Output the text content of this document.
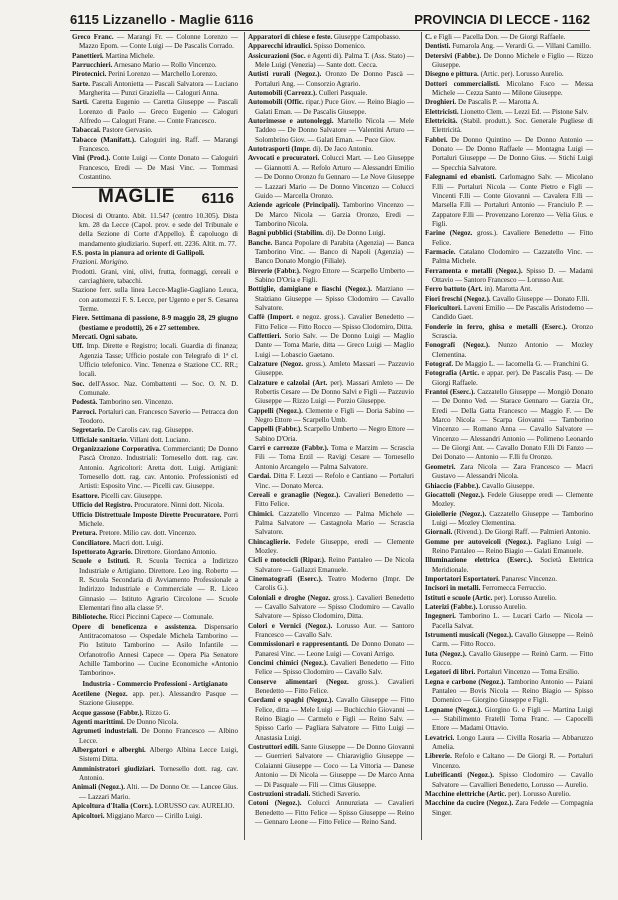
6115 Lizzanello - Maglie 6116	PROVINCIA DI LECCE - 1162

Greco Franc. — Marangi Fr. — Colonne Lorenzo — Mazzo Epom. — Conte Luigi — De Pascalis Corrado.

Panettieri. Martina Michele.

Parrucchieri. Arnesano Mario — Rollo Vincenzo.

Pirotecnici. Perini Lorenzo — Marchello Lorenzo.

Sarte. Pascali Antonietta — Pascali Salvatora — Luciano Margherita — Punzi Graziella — Caloguri Anna.

Sarti. Caretta Eugenio — Caretta Giuseppe — Pascali Lorenzo di Paolo — Greco Eugenio — Caloguri Alfredo — Caloguri Frane. — Conte Francesco.

Tabaccai. Pastore Gervasio.

Tabacco (Manifatt.). Caloguiri ing. Raff. — Marangi Francesco.

Vini (Prod.). Conte Luigi — Conte Donato — Caloguiri Francesco, Eredi — De Masi Vinc. — Tommasi Costantino.

MAGLIE 6116

Diocesi di Otranto. Abit. 11.547 (centro 10.305). Dista km. 28 da Lecce (Capol. prov. e sede del Tribunale e della Sezione di Corte d'Appello). È capoluogo di mandamento giudiziario. Superf. ett. 2236. Altit. m. 77.

F.S. posta in pianura ad oriente di Gallipoli.

Frazioni. Morigino.

Prodotti. Grani, vini, olivi, frutta, formaggi, cereali e carciaghiere, tabacchi.

Stazione ferr. sulla linea Lecce-Maglie-Gagliano Leuca, con automezzi F. S. Lecce, per Ugento e per S. Cesarea Terme.

Fiere. Settimana di passione, 8-9 maggio 28, 29 giugno (bestiame e prodotti), 26 e 27 settembre.

Mercati. Ogni sabato.

Uff. Imp. Dirette e Registro; locali. Guardia di finanza; Agenzia Tasse; Ufficio postale con Telegrafo di 1ª cl. Ufficio telefonico. Vinc. Tenenza e Stazione CC. RR.; locali.

Soc. dell'Assoc. Naz. Combattenti — Soc. O. N. D. Comunale.

Podestà. Tamborino sen. Vincenzo.

Parroci. Portaluri can. Francesco Saverio — Petracca don Teodoro.

Segretario. De Carolis cav. rag. Giuseppe.

Ufficiale sanitario. Villani dott. Luciano.

Organizzazione Corporativa. Commercianti; De Donno Pascà Oronzo. Industriali: Tornesello dott. rag. cav. Antonio. Agricoltori: Aretta dott. Luigi. Artigiani: Tornesello dott. rag. cav. Antonio. Professionisti ed Artisti: Esposito Vinc. — Picelli cav. Giuseppe.

Esattore. Picelli cav. Giuseppe.

Ufficio del Registro. Procuratore. Ninni dott. Nicola.

Ufficio Distrettuale Imposte Dirette Procuratore. Porri Michele.

Pretura. Pretore. Milio cav. dott. Vincenzo.

Conciliatore. Macri dott. Luigi.

Ispettorato Agrario. Direttore. Giordano Antonio.

Scuole e Istituti. R. Scuola Tecnica a Indirizzo Industriale e Artigiano. Direttore. Leo ing. Roberto — R. Scuola Secondaria di Avviamento Professionale a Indirizzo Industriale e Commerciale — R. Liceo Ginnasio — Istituto Agrario Circolone — Scuole Elementari fino alla classe 5ª.

Biblioteche. Ricci Piccinni Capece — Comunale.

Opere di beneficenza e assistenza. Dispensario Antitracomatoso — Ospedale Michela Tamborino — Pio Istituto Tamborino — Asilo Infantile — Orfanotrofio Annesi Capece — Opera Pia Senatore Achille Tamborino — Cucine Economiche «Antonio Tamborino».

Industria - Commercio Professioni - Artigianato

Acetilene (Negoz. app. per.). Alessandro Pasque — Stazione Giuseppe.

Acque gassose (Fabbr.). Rizzo G.

Agenti marittimi. De Donno Nicola.

Agrumeti industriali. De Donno Francesco — Albino Lecce.

Albergatori e alberghi. Albergo Albina Lecce Luigi, Sistemi Ditta.

Amministratori giudiziari. Tornesello dott. rag. cav. Antonio.

Animali (Negoz.). Alti. — De Donno Or. — Lancee Gius. — Lazzari Mario.

Apicoltura d'Italia (Corr.). LORUSSO cav. AURELIO.

Apicoltori. Miggiano Marco — Cirillo Luigi.

Apparatori di chiese e feste. Giuseppe Campobasso.

Apparecchi idraulici. Spisso Domenico.

Assicurazioni (Soc. e Agenti di). Palma T. (Ass. Stato) — Mele Luigi (Venezia) — Sante dott. Cecca.

Autisti rurali (Negoz.). Oronzo De Donno Pascà — Portaluri Ang. — Consorzio Agrario.

Automobili (Carrozz.). Culleri Pasquale.

Automobili (Offic. ripar.) Puce Giov. — Reino Biagio — Galati Eman. — De Pascalis Giuseppe.

Autorimesse e autonoleggi. Martello Nicola — Mele Taddeo — De Donno Salvatore — Valentini Arturo — Solombrino Giov. — Galati Eman. — Puce Giov.

Autotrasporti (Impr. di). De Jaco Antonio.

Avvocati e procuratori. Colucci Mart. — Leo Giuseppe — Giannotti A. — Refolo Arturo — Alessandri Emilio — De Donno Oronzo fu Gennaro — Le Nove Giuseppe — Lazzari Mario — De Donno Vincenzo — Colucci Guido — Marcella Oronzo.

Aziende agricole (Principali). Tamborino Vincenzo — De Marco Nicola — Garzia Oronzo, Eredi — Tamborino Nicola.

Bagni pubblici (Stabilim. di). De Donno Luigi.

Banche. Banca Popolare di Parabita (Agenzia) — Banca Tamborino Vinc. — Banco di Napoli (Agenzia) — Banco Donato Mongio (Filiale).

Birrerie (Fabbr.). Negro Ettore — Scarpello Umberto — Sabino D'Oria e Figli.

Bottiglie, damigiane e fiaschi (Negoz.). Marziano — Staiziano Giuseppe — Spisso Clodomiro — Cavallo Salvatore.

Caffè (Import. e negoz. gross.). Cavalier Benedetto — Fitto Felice — Fitto Rocco — Spisso Clodomiro, Ditta.

Caffettieri. Sorio Salv. — De Donno Luigi — Maglio Dante — Toma Marie, ditta — Greco Luigi — Maglio Luigi — Lobascio Gaetano.

Calzature (Negoz. gross.). Amleto Massari — Pazzuvio Giuseppe.

Calzature e calzolai (Art. per). Massari Amleto — De Robertis Cesare — De Donno Salvi e Figli — Pazzuvio Giuseppe — Rizzo Luigi — Porzio Giuseppe.

Cappelli (Negoz.). Clemente e Figli — Doria Sabino — Negro Ettore — Scarpello Umb.

Cappelli (Fabbr.). Scarpello Umberto — Negro Ettore — Sabino D'Oria.

Carri e carrozze (Fabbr.). Toma e Marzim — Scrascia Fili — Toma Erzil — Ravigi Cesare — Tornesello Antonio Arcangelo — Palma Salvatore.

Cardai. Ditta F. Lezzi — Refolo e Cantiano — Portaluri Vinc. — Donato Merca.

Cereali e granaglie (Negoz.). Cavalieri Benedetto — Fitto Felice.

Chimici. Cazzatello Vincenzo — Palma Michele — Palma Salvatore — Castagnola Mario — Scrascia Salvatore.

Chincaglierie. Fedele Giuseppe, eredi — Clemente Mozley.

Cicli e motocicli (Ripar.). Reino Pantaleo — De Nicola Salvatore — Gallazzi Emanuele.

Cinematografi (Eserc.). Teatro Moderno (Impr. De Carolis G.).

Coloniali e droghe (Negoz. gross.). Cavalieri Benedetto — Cavallo Salvatore — Spisso Clodomiro — Cavallo Salvatore — Spisso Clodomiro, Ditta.

Colori e Vernici (Negoz.). Lorusso Aur. — Santoro Francesco — Cavallo Salv.

Commissionari e rappresentanti. De Donno Donato — Panaresi Vinc. — Leone Luigi — Covani Arrigo.

Concimi chimici (Negoz.). Cavalieri Benedetto — Fitto Felice — Spisso Clodomiro — Cavallo Salv.

Conserve alimentari (Negoz. gross.). Cavalieri Benedetto — Fitto Felice.

Cordami e spaghi (Negoz.). Cavallo Giuseppe — Fitto Felice, ditta — Mele Luigi — Buchicchio Giovanni — Reino Biagio — Carmelo e Figli — Reino Salv. — Spisso Carlo — Pagliara Salvatore — Fitto Luigi — Anastasia Luigi.

Costruttori edili. Sante Giuseppe — De Donno Giovanni — Guerrieri Salvatore — Chiaraviglio Giuseppe — Colaianni Giuseppe — Coco — La Vittoria — Danese Antonio — Di Nicola — Giuseppe — De Marco Anna — Di Pasquale — Fili — Cittus Giuseppe.

Costruzioni stradali. Stichedi Saverio.

Cotoni (Negoz.). Colucci Annunziata — Cavalieri Benedetto — Fitto Felice — Spisso Giuseppe — Reino — Gennaro Leone — Fitto Felice — Reino Sand.

C. e Figli — Pacella Don. — De Giorgi Raffaele.

Dentisti. Fumarola Ang. — Verardi G. — Villani Camillo.

Detersivi (Fabbr.). De Donno Michele e Figlio — Rizzo Giuseppe.

Disegno e pittura. (Artic. per). Lorusso Aurelio.

Dottori commercialisti. Micolano F.sco — Messa Michele — Cezza Santo — Milone Giuseppe.

Droghieri. De Pascalis P. — Marotta A.

Elettricisti. Lionetto Clem. — Lezzi Ed. — Pistone Salv.

Elettricità. (Stabil. produtt.). Soc. Generale Pugliese di Elettricità.

Fabbri. De Donno Quintino — De Donno Antonio — Donato — De Donno Raffaele — Montagna Luigi — Portaluri Giuseppe — De Donno Gius. — Stichi Luigi — Specchia Salvatore.

Falegnami ed ebanisti. Carlomagno Salv. — Micolano F.lli — Portaluri Nicola — Conte Pietro e Figli — Vincenti F.lli — Conte Giovanni — Cavalera F.lli — Marsella F.lli — Portaluri Antonio — Franciulo P. — Zappatore F.lli — Provenzano Lorenzo — Velia Gius. e Figli.

Farine (Negoz. gross.). Cavaliere Benedetto — Fitto Felice.

Farmacie. Catalano Clodomiro — Cazzatello Vinc. — Palma Michele.

Ferramenta e metalli (Negoz.). Spisso D. — Madami Ottavio — Santoro Francesco — Lorusso Aur.

Ferro battuto (Art. in). Marotta Ant.

Fiori freschi (Negoz.). Cavallo Giuseppe — Donato F.lli.

Floricultori. Laveni Emilio — De Pascalis Aristodemo — Candido Gaet.

Fonderie in ferro, ghisa e metalli (Eserc.). Oronzo Scrascia.

Fonografi (Negoz.). Nunzo Antonio — Mozley Clementina.

Fotograf. De Maggio L. — Iacomella G. — Franchini G.

Fotografia (Artic. e appar. per). De Pascalis Pasq. — De Giorgi Raffaele.

Frantoi (Eserc.). Cazzatello Giuseppe — Mongiò Donato — De Donno Ved. — Starace Gennaro — Garzia Or., Eredi — Della Gatta Francesco — Maggio F. — De Marco Nicola — Scarpa Giovanni — Tamborino Vincenzo — Romano Anna — Cavallo Salvatore — Vincenzo — Alessandri Antonio — Polimeno Leonardo — De Giorgi Ant. — Cavallo Donato F.lli Di Fanzo — Dei Donato — Antonio — F.lli fu Oronzo.

Geometri. Zara Nicola — Zara Francesco — Macri Gustavo — Alessandri Nicola.

Ghiaccio (Fabbr.). Cavallo Giuseppe.

Giocattoli (Negoz.). Fedele Giuseppe eredi — Clemente Mozley.

Gioiellerie (Negoz.). Cazzatello Giuseppe — Tamborino Luigi — Mozley Clementina.

Giornali. (Rivend.). De Giorgi Raff. — Palmieri Antonio.

Gomme per autoveicoli (Negoz.). Pagliano Luigi — Reino Pantaleo — Reino Biagio — Galati Emanuele.

Illuminazione elettrica (Eserc.). Società Elettrica Meridionale.

Importatori Esportatori. Panaresc Vincenzo.

Incisori in metalli. Ferromecca Ferruccio.

Istituti e scuole (Artic. per). Lorusso Aurelio.

Laterizi (Fabbr.). Lorusso Aurelio.

Ingegneri. Tamborino L. — Lucari Carlo — Nicola — Pacella Salvat.

Istrumenti musicali (Negoz.). Cavallo Giuseppe — Reinò Carm. — Fitto Rocco.

Iuta (Negoz.). Cavallo Giuseppe — Reinò Carm. — Fitto Rocco.

Legatori di libri. Portaluri Vincenzo — Toma Ersilio.

Legna e carbone (Negoz.). Tamborino Antonio — Paiani Pantaleo — Bovis Nicola — Reino Biagio — Spisso Domenico — Giorgino Giuseppe e Figli.

Legname (Negoz.). Giorgino G. e Figli — Martina Luigi — Stabilimento Fratelli Toma Franc. — Capocelli Ettore — Madami Ottavio.

Levatrici. Longo Laura — Civilla Rosaria — Abbaruzzo Amelia.

Librerie. Refolo e Caltano — De Giorgi R. — Portaluri Vincenzo.

Lubrificanti (Negoz.). Spisso Clodomiro — Cavallo Salvatore — Cavallieri Benedetto, Lorusso — Aurelio.

Macchine elettriche (Artic. per). Lorusso Aurelio.

Macchine da cucire (Negoz.). Zara Fedele — Compagnia Singer.
